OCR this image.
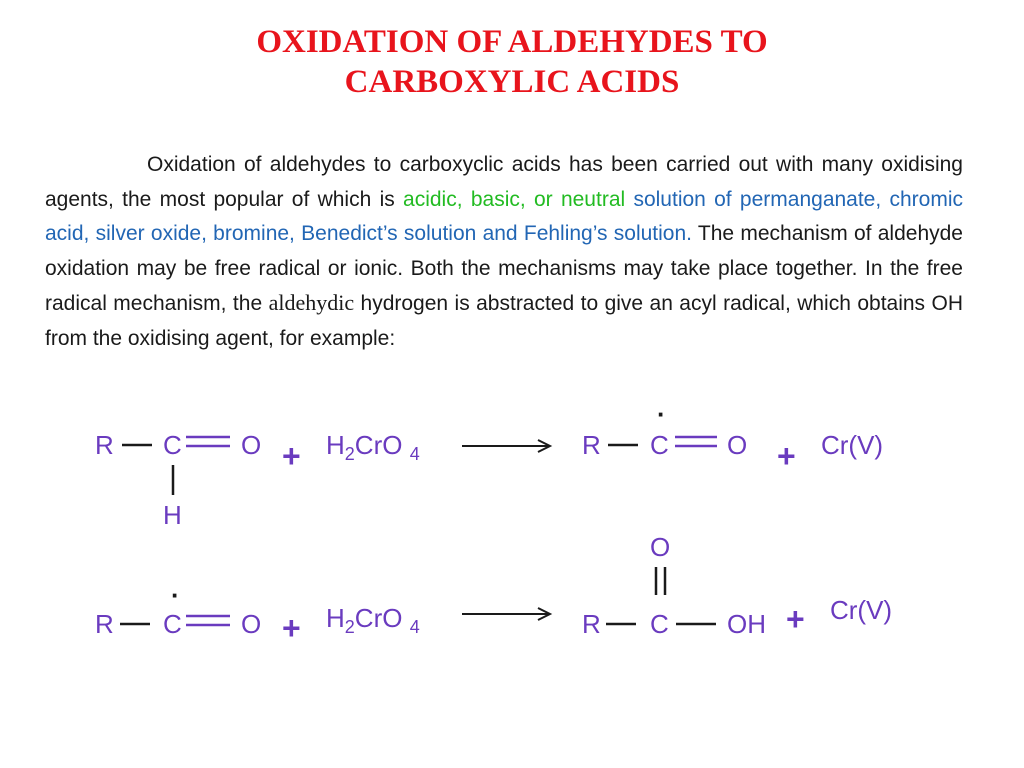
OXIDATION OF ALDEHYDES TO
CARBOXYLIC ACIDS
Oxidation of aldehydes to carboxyclic acids has been carried out with many oxidising agents, the most popular of which is acidic, basic, or neutral solution of permanganate, chromic acid, silver oxide, bromine, Benedict’s solution and Fehling’s solution. The mechanism of aldehyde oxidation may be free radical or ionic. Both the mechanisms may take place together. In the free radical mechanism, the aldehydic hydrogen is abstracted to give an acyl radical, which obtains OH from the oxidising agent, for example:
R C O
H
+ $H_2CrO$ $_4$	R C
·
O + Cr(V)
R C
·
$O + H_2CrO$ $_4$	R C
O
OH + Cr(V)
